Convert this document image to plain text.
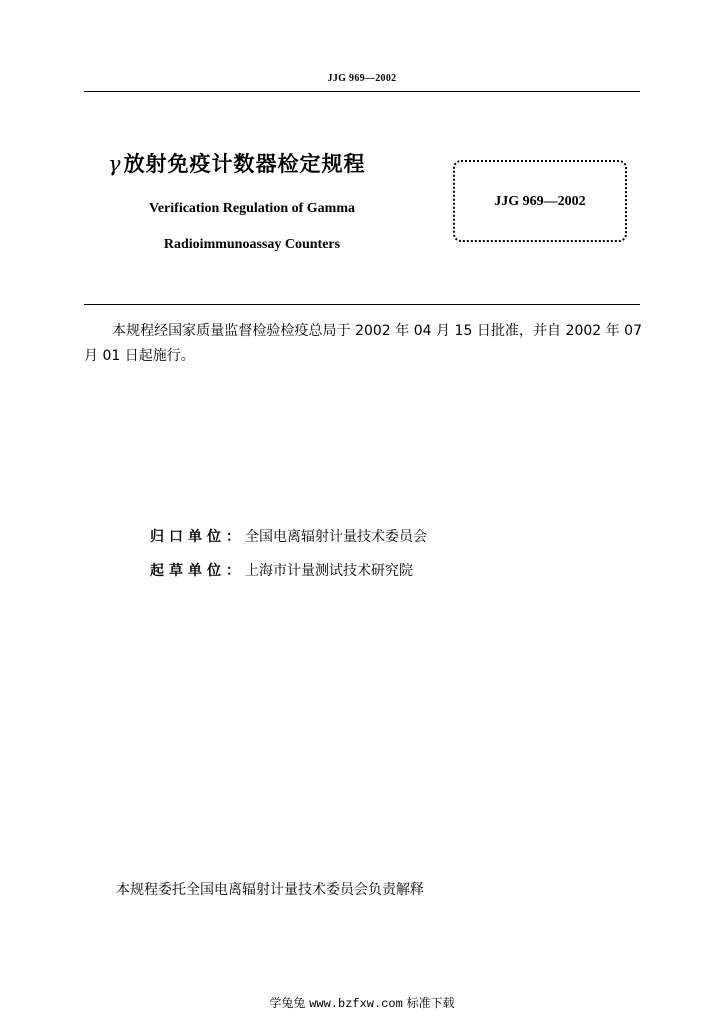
JJG 969—2002
γ放射免疫计数器检定规程
Verification Regulation of Gamma
Radioimmunoassay Counters
JJG 969—2002
本规程经国家质量监督检验检疫总局于 2002 年 04 月 15 日批准，并自 2002 年 07 月 01 日起施行。
归口单位：全国电离辐射计量技术委员会
起草单位：上海市计量测试技术研究院
本规程委托全国电离辐射计量技术委员会负责解释
学兔兔 www.bzfxw.com 标准下载
